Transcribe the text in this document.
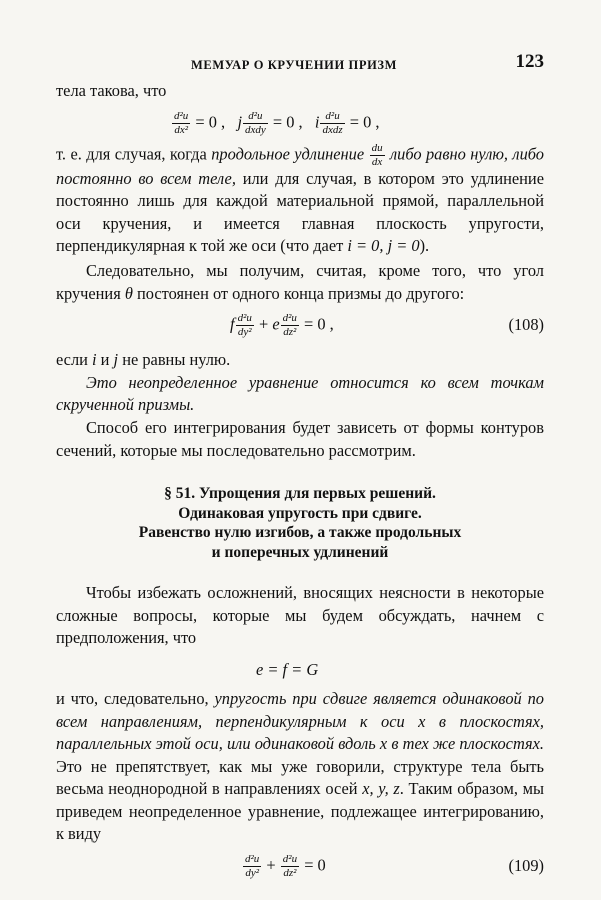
МЕМУАР О КРУЧЕНИИ ПРИЗМ	123

тела такова, что

$\frac{\text{d²u}}{\text{dx²}} = 0$ , j d²u
dxdy = 0 , i d²u
dxdz = 0 ,

т. е. для случая, когда продольное удлинение $\frac{du}{dx}$ либо равно нулю, либо постоянно во всем теле, или для случая, в котором это удлинение постоянно лишь для каждой материальной прямой, параллельной оси кручения, и имеется главная плоскость упругости, перпендикулярная к той же оси (что дает i = 0, j = 0).

Следовательно, мы получим, считая, кроме того, что угол кручения θ постоянен от одного конца призмы до другого:

f $\frac{\text{d²u}}{\text{dy²}} + e \frac{\text{d²u}}{\text{dz²}} = 0$ ,	(108)

если i и j не равны нулю.

Это неопределенное уравнение относится ко всем точкам скрученной призмы.

Способ его интегрирования будет зависеть от формы контуров сечений, которые мы последовательно рассмотрим.

§ 51. Упрощения для первых решений.
Одинаковая упругость при сдвиге.
Равенство нулю изгибов, а также продольных
и поперечных удлинений

Чтобы избежать осложнений, вносящих неясности в некоторые сложные вопросы, которые мы будем обсуждать, начнем с предположения, что

e = f = G

и что, следовательно, упругость при сдвиге является одинаковой по всем направлениям, перпендикулярным к оси x в плоскостях, параллельных этой оси, или одинаковой вдоль x в тех же плоскостях. Это не препятствует, как мы уже говорили, структуре тела быть весьма неоднородной в направлениях осей x, y, z. Таким образом, мы приведем неопределенное уравнение, подлежащее интегрированию, к виду

$\frac{\text{d²u}}{\text{dy²}} + \frac{\text{d²u}}{\text{dz²}} = 0$	(109)
